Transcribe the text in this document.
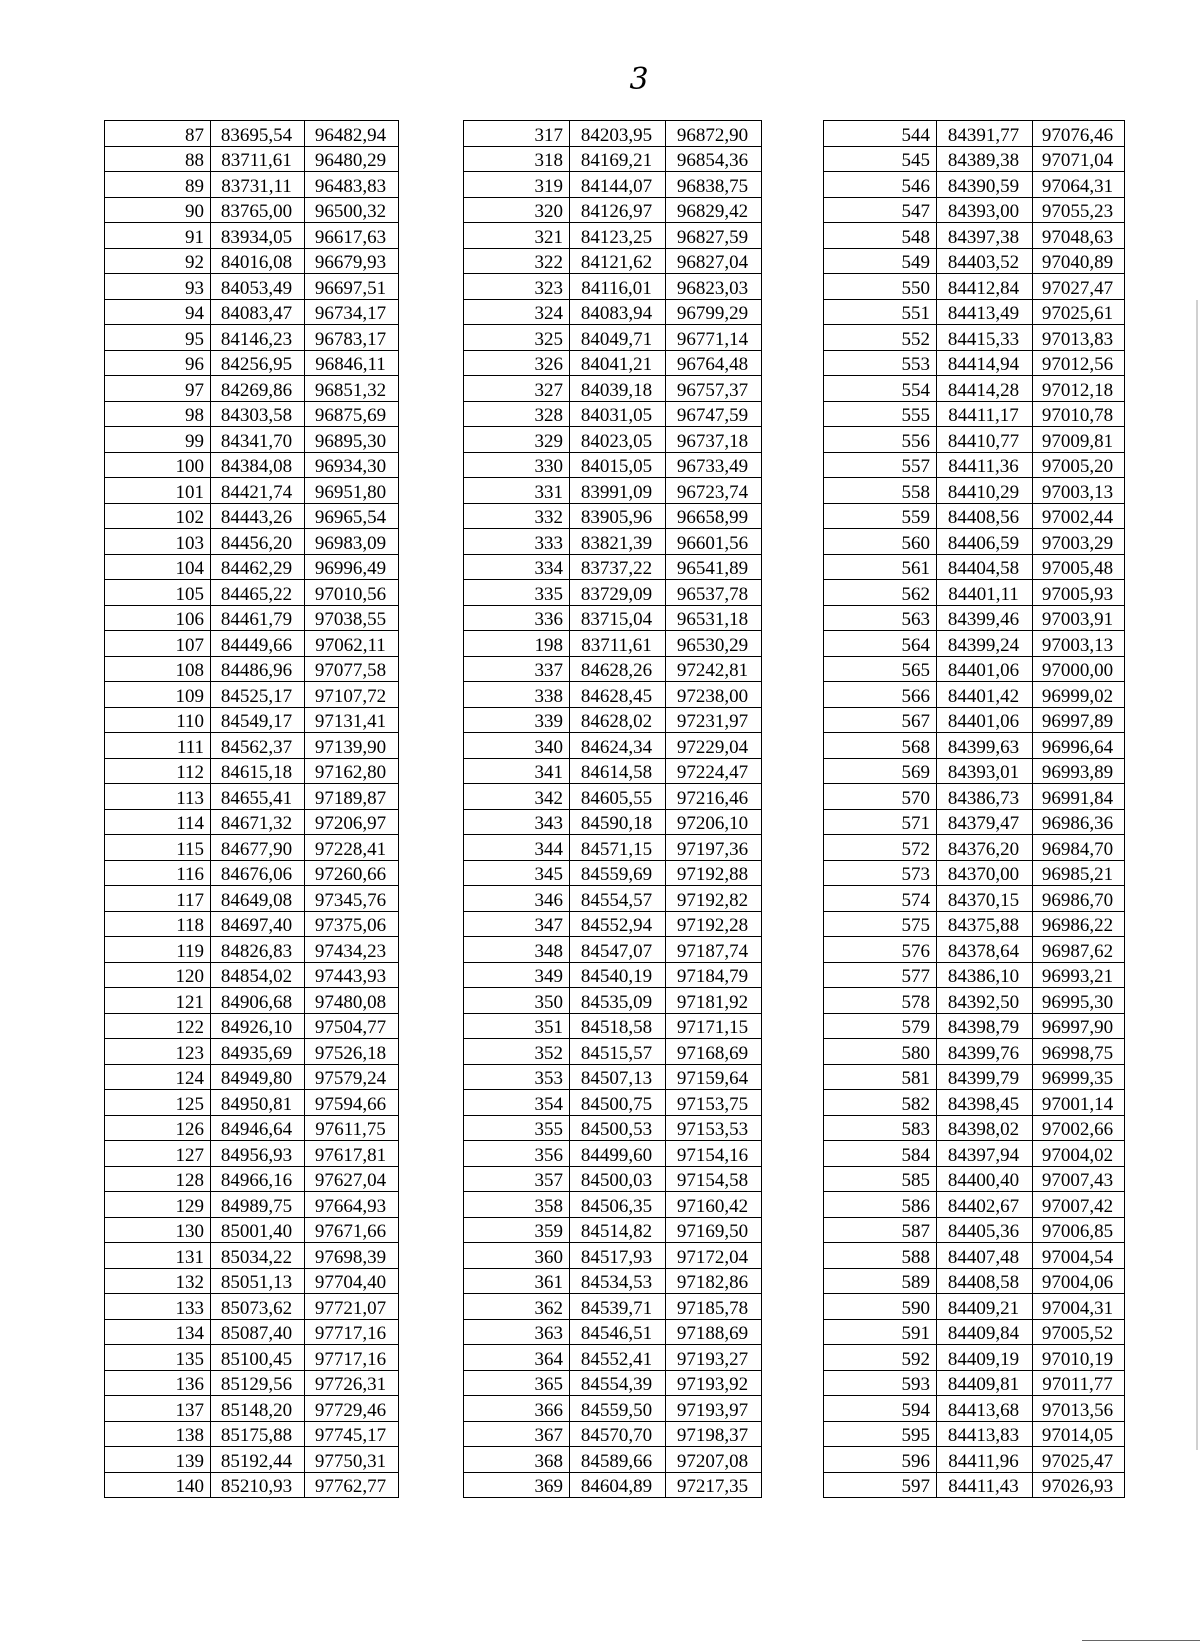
3
87	83695,54	96482,94
88	83711,61	96480,29
89	83731,11	96483,83
90	83765,00	96500,32
91	83934,05	96617,63
92	84016,08	96679,93
93	84053,49	96697,51
94	84083,47	96734,17
95	84146,23	96783,17
96	84256,95	96846,11
97	84269,86	96851,32
98	84303,58	96875,69
99	84341,70	96895,30
100	84384,08	96934,30
101	84421,74	96951,80
102	84443,26	96965,54
103	84456,20	96983,09
104	84462,29	96996,49
105	84465,22	97010,56
106	84461,79	97038,55
107	84449,66	97062,11
108	84486,96	97077,58
109	84525,17	97107,72
110	84549,17	97131,41
111	84562,37	97139,90
112	84615,18	97162,80
113	84655,41	97189,87
114	84671,32	97206,97
115	84677,90	97228,41
116	84676,06	97260,66
117	84649,08	97345,76
118	84697,40	97375,06
119	84826,83	97434,23
120	84854,02	97443,93
121	84906,68	97480,08
122	84926,10	97504,77
123	84935,69	97526,18
124	84949,80	97579,24
125	84950,81	97594,66
126	84946,64	97611,75
127	84956,93	97617,81
128	84966,16	97627,04
129	84989,75	97664,93
130	85001,40	97671,66
131	85034,22	97698,39
132	85051,13	97704,40
133	85073,62	97721,07
134	85087,40	97717,16
135	85100,45	97717,16
136	85129,56	97726,31
137	85148,20	97729,46
138	85175,88	97745,17
139	85192,44	97750,31
140	85210,93	97762,77
317	84203,95	96872,90
318	84169,21	96854,36
319	84144,07	96838,75
320	84126,97	96829,42
321	84123,25	96827,59
322	84121,62	96827,04
323	84116,01	96823,03
324	84083,94	96799,29
325	84049,71	96771,14
326	84041,21	96764,48
327	84039,18	96757,37
328	84031,05	96747,59
329	84023,05	96737,18
330	84015,05	96733,49
331	83991,09	96723,74
332	83905,96	96658,99
333	83821,39	96601,56
334	83737,22	96541,89
335	83729,09	96537,78
336	83715,04	96531,18
198	83711,61	96530,29
337	84628,26	97242,81
338	84628,45	97238,00
339	84628,02	97231,97
340	84624,34	97229,04
341	84614,58	97224,47
342	84605,55	97216,46
343	84590,18	97206,10
344	84571,15	97197,36
345	84559,69	97192,88
346	84554,57	97192,82
347	84552,94	97192,28
348	84547,07	97187,74
349	84540,19	97184,79
350	84535,09	97181,92
351	84518,58	97171,15
352	84515,57	97168,69
353	84507,13	97159,64
354	84500,75	97153,75
355	84500,53	97153,53
356	84499,60	97154,16
357	84500,03	97154,58
358	84506,35	97160,42
359	84514,82	97169,50
360	84517,93	97172,04
361	84534,53	97182,86
362	84539,71	97185,78
363	84546,51	97188,69
364	84552,41	97193,27
365	84554,39	97193,92
366	84559,50	97193,97
367	84570,70	97198,37
368	84589,66	97207,08
369	84604,89	97217,35
544	84391,77	97076,46
545	84389,38	97071,04
546	84390,59	97064,31
547	84393,00	97055,23
548	84397,38	97048,63
549	84403,52	97040,89
550	84412,84	97027,47
551	84413,49	97025,61
552	84415,33	97013,83
553	84414,94	97012,56
554	84414,28	97012,18
555	84411,17	97010,78
556	84410,77	97009,81
557	84411,36	97005,20
558	84410,29	97003,13
559	84408,56	97002,44
560	84406,59	97003,29
561	84404,58	97005,48
562	84401,11	97005,93
563	84399,46	97003,91
564	84399,24	97003,13
565	84401,06	97000,00
566	84401,42	96999,02
567	84401,06	96997,89
568	84399,63	96996,64
569	84393,01	96993,89
570	84386,73	96991,84
571	84379,47	96986,36
572	84376,20	96984,70
573	84370,00	96985,21
574	84370,15	96986,70
575	84375,88	96986,22
576	84378,64	96987,62
577	84386,10	96993,21
578	84392,50	96995,30
579	84398,79	96997,90
580	84399,76	96998,75
581	84399,79	96999,35
582	84398,45	97001,14
583	84398,02	97002,66
584	84397,94	97004,02
585	84400,40	97007,43
586	84402,67	97007,42
587	84405,36	97006,85
588	84407,48	97004,54
589	84408,58	97004,06
590	84409,21	97004,31
591	84409,84	97005,52
592	84409,19	97010,19
593	84409,81	97011,77
594	84413,68	97013,56
595	84413,83	97014,05
596	84411,96	97025,47
597	84411,43	97026,93
